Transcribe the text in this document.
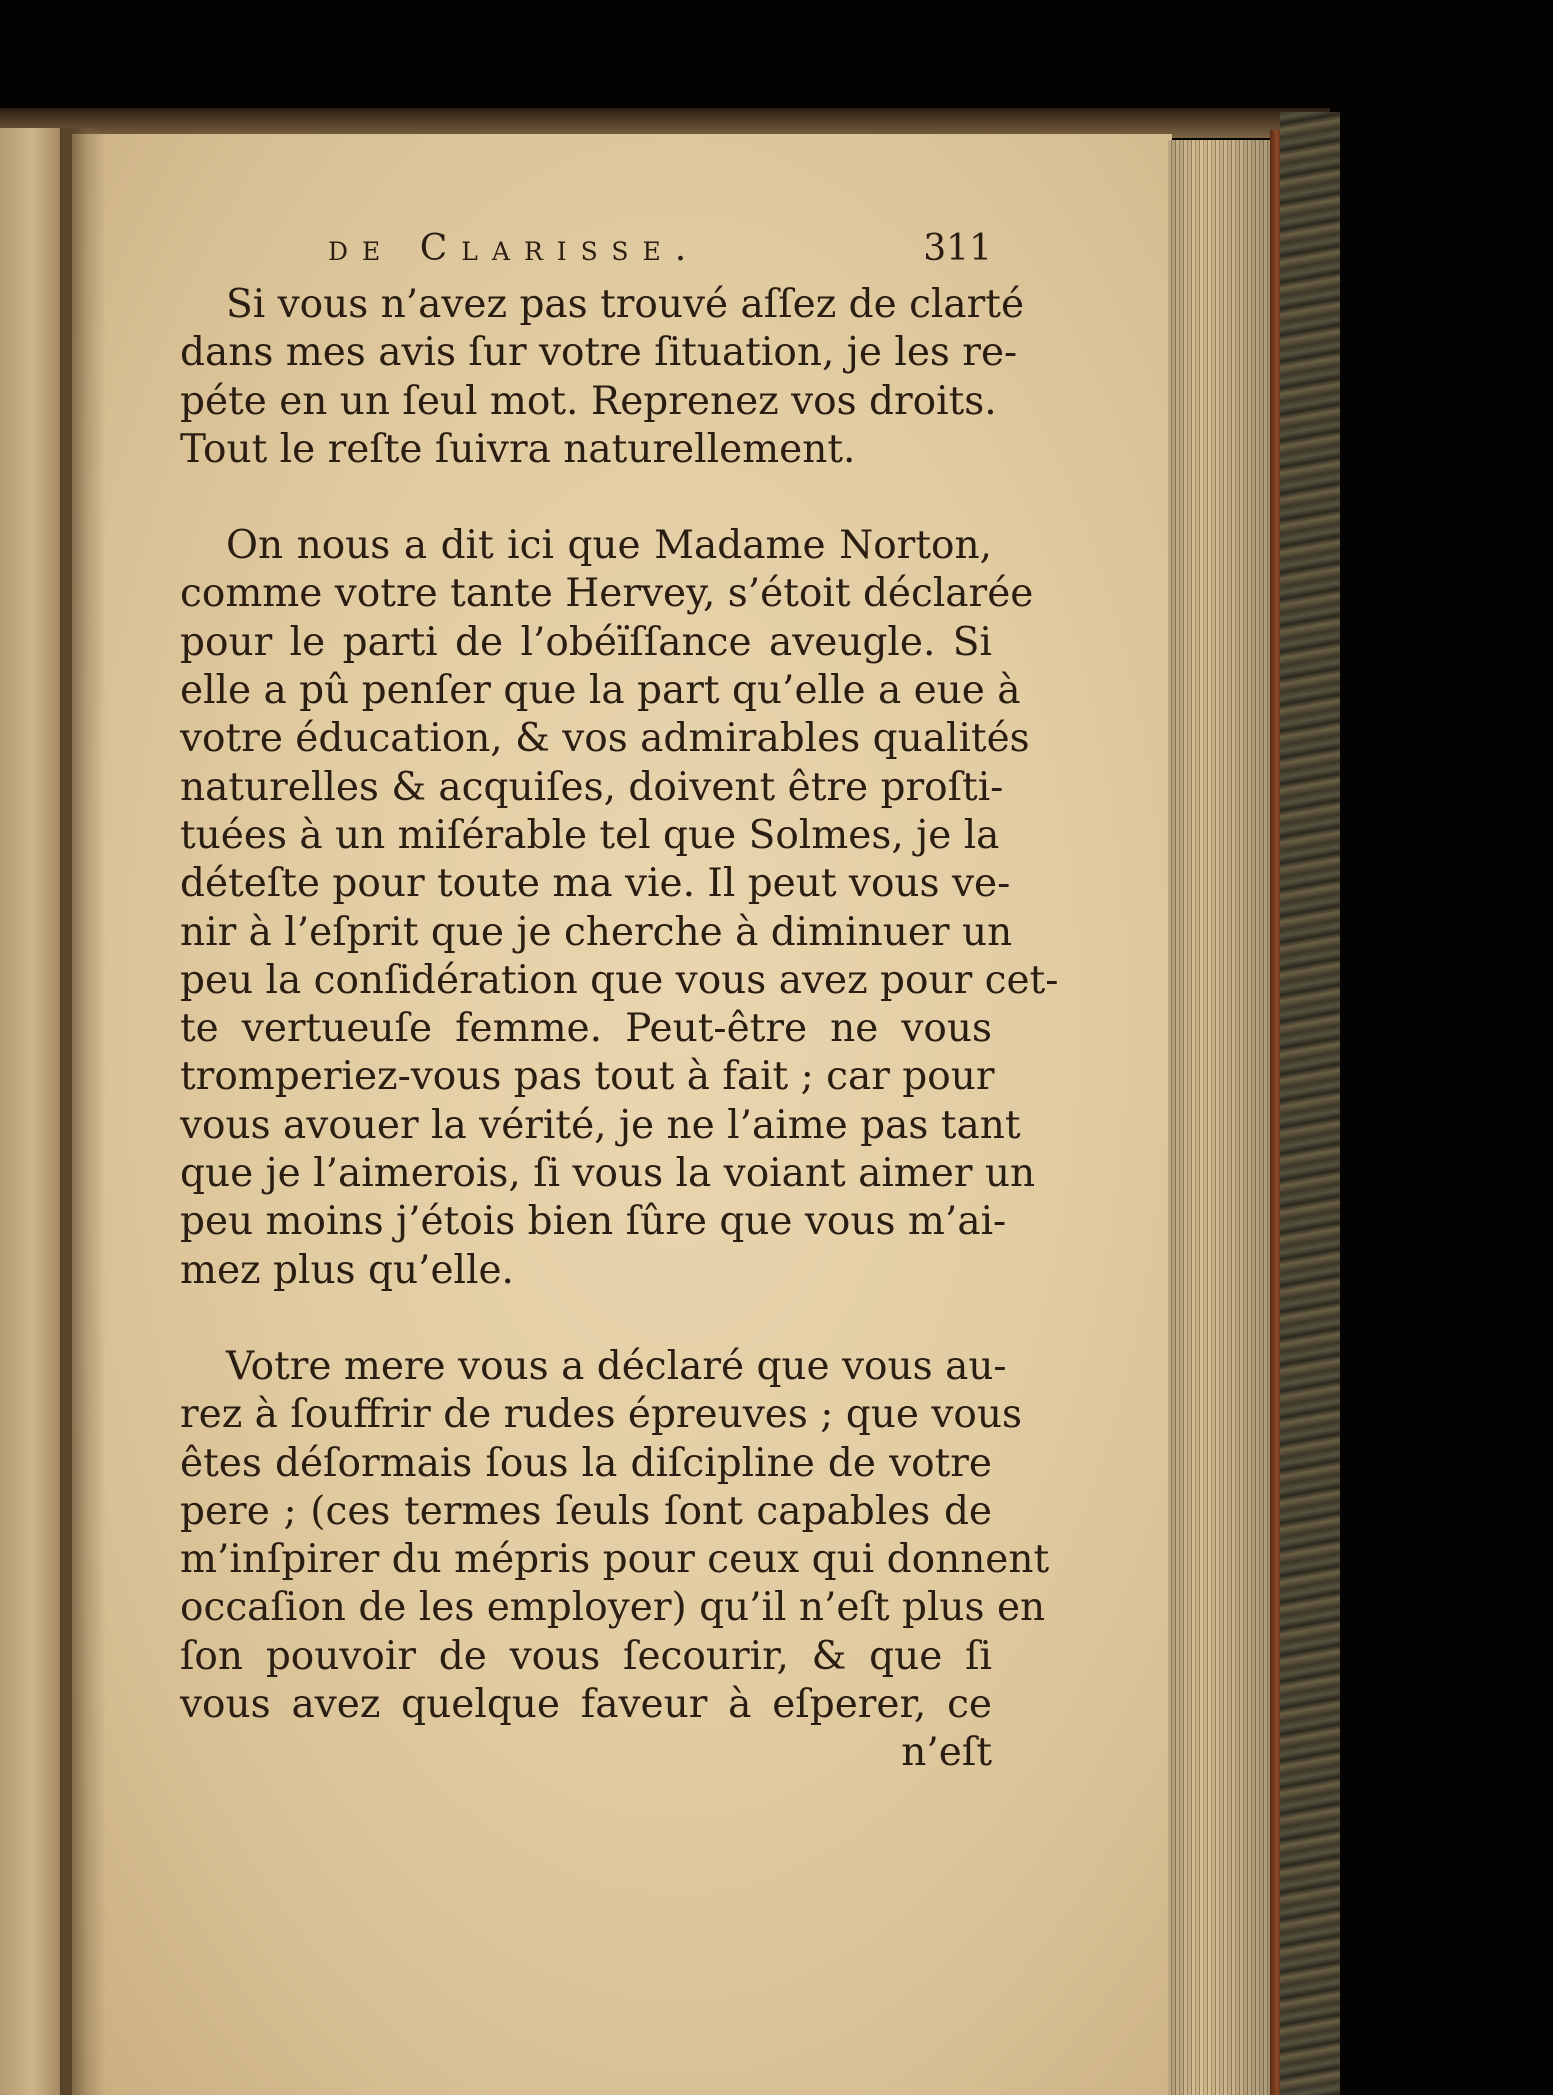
de Clarisse.	311
Si vous n’avez pas trouvé aſſez de clarté
dans mes avis ſur votre ſituation, je les re-
péte en un ſeul mot. Reprenez vos droits.
Tout le reſte ſuivra naturellement.
On nous a dit ici que Madame Norton,
comme votre tante Hervey, s’étoit déclarée
pour le parti de l’obéïſſance aveugle. Si
elle a pû penſer que la part qu’elle a eue à
votre éducation, & vos admirables qualités
naturelles & acquiſes, doivent être proſti-
tuées à un miſérable tel que Solmes, je la
déteſte pour toute ma vie. Il peut vous ve-
nir à l’eſprit que je cherche à diminuer un
peu la conſidération que vous avez pour cet-
te vertueuſe femme. Peut-être ne vous
tromperiez-vous pas tout à fait ; car pour
vous avouer la vérité, je ne l’aime pas tant
que je l’aimerois, ſi vous la voiant aimer un
peu moins j’étois bien ſûre que vous m’ai-
mez plus qu’elle.
Votre mere vous a déclaré que vous au-
rez à ſouffrir de rudes épreuves ; que vous
êtes déſormais ſous la diſcipline de votre
pere ; (ces termes ſeuls ſont capables de
m’inſpirer du mépris pour ceux qui donnent
occaſion de les employer) qu’il n’eſt plus en
ſon pouvoir de vous ſecourir, & que ſi
vous avez quelque faveur à eſperer, ce
n’eſt
